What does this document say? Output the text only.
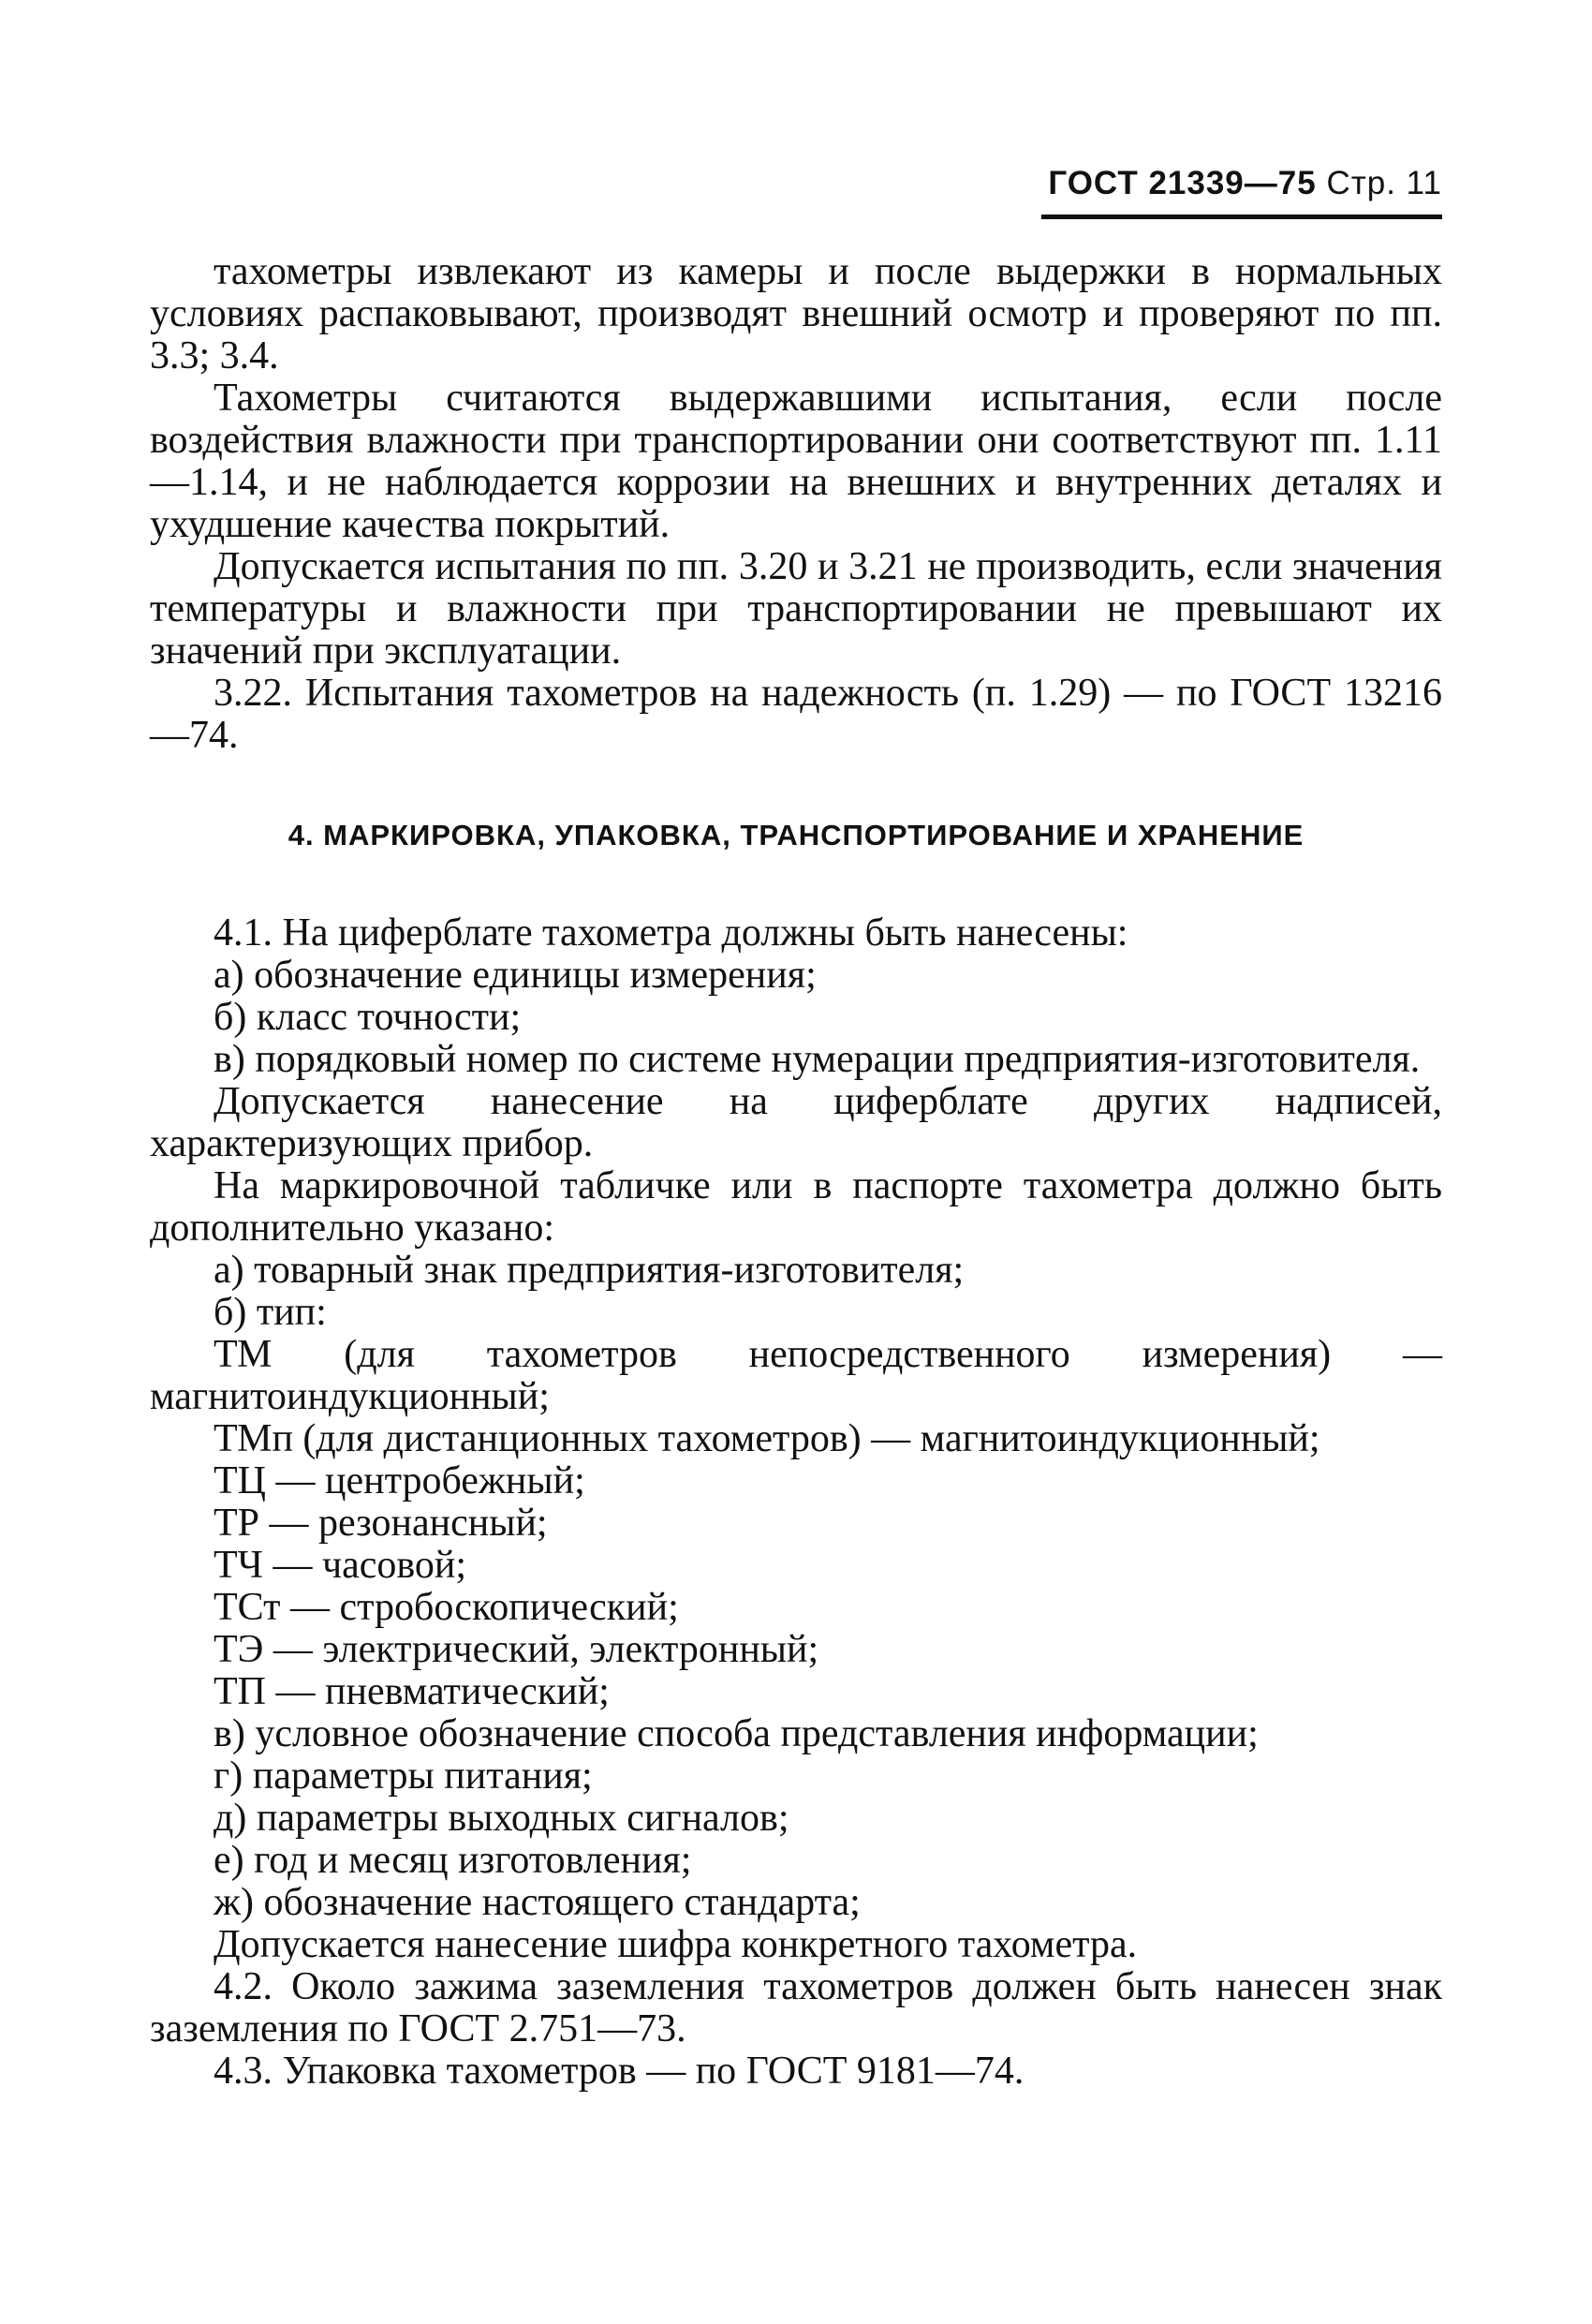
ГОСТ 21339—75 Стр. 11

тахометры извлекают из камеры и после выдержки в нормальных условиях распаковывают, производят внешний осмотр и проверяют по пп. 3.3; 3.4.

Тахометры считаются выдержавшими испытания, если после воздействия влажности при транспортировании они соответствуют пп. 1.11—1.14, и не наблюдается коррозии на внешних и внутренних деталях и ухудшение качества покрытий.

Допускается испытания по пп. 3.20 и 3.21 не производить, если значения температуры и влажности при транспортировании не превышают их значений при эксплуатации.

3.22. Испытания тахометров на надежность (п. 1.29) — по ГОСТ 13216—74.

4. МАРКИРОВКА, УПАКОВКА, ТРАНСПОРТИРОВАНИЕ И ХРАНЕНИЕ

4.1. На циферблате тахометра должны быть нанесены:

а) обозначение единицы измерения;

б) класс точности;

в) порядковый номер по системе нумерации предприятия-изготовителя.

Допускается нанесение на циферблате других надписей, характеризующих прибор.

На маркировочной табличке или в паспорте тахометра должно быть дополнительно указано:

а) товарный знак предприятия-изготовителя;

б) тип:

ТМ (для тахометров непосредственного измерения) — магнитоиндукционный;

ТМп (для дистанционных тахометров) — магнитоиндукционный;

ТЦ — центробежный;

ТР — резонансный;

ТЧ — часовой;

ТСт — стробоскопический;

ТЭ — электрический, электронный;

ТП — пневматический;

в) условное обозначение способа представления информации;

г) параметры питания;

д) параметры выходных сигналов;

е) год и месяц изготовления;

ж) обозначение настоящего стандарта;

Допускается нанесение шифра конкретного тахометра.

4.2. Около зажима заземления тахометров должен быть нанесен знак заземления по ГОСТ 2.751—73.

4.3. Упаковка тахометров — по ГОСТ 9181—74.
